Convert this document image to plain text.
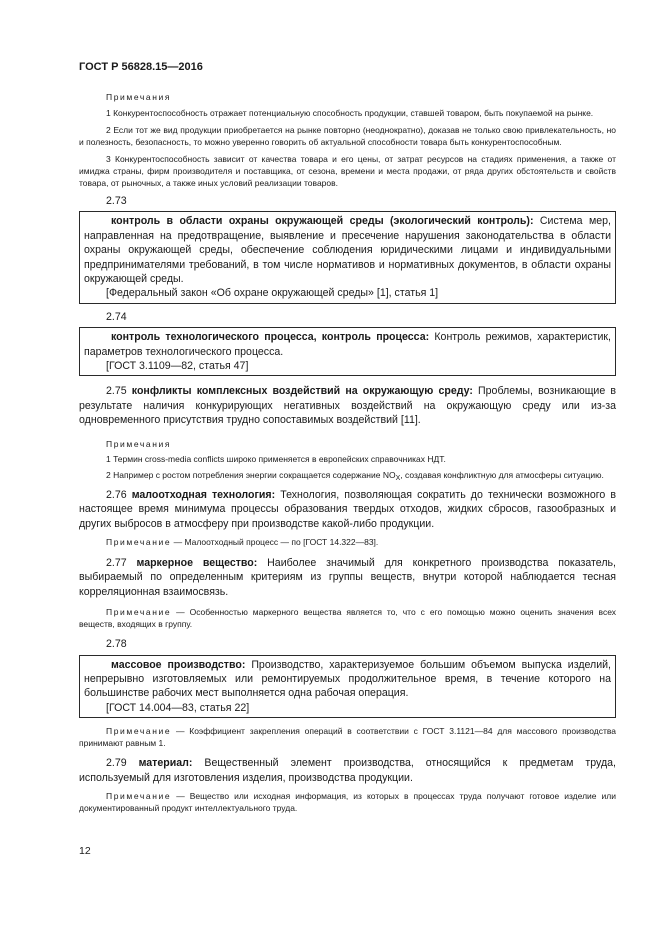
ГОСТ Р 56828.15—2016

Примечания

1 Конкурентоспособность отражает потенциальную способность продукции, ставшей товаром, быть покупаемой на рынке.

2 Если тот же вид продукции приобретается на рынке повторно (неоднократно), доказав не только свою привлекательность, но и полезность, безопасность, то можно уверенно говорить об актуальной способности товара быть конкурентоспособным.

3 Конкурентоспособность зависит от качества товара и его цены, от затрат ресурсов на стадиях применения, а также от имиджа страны, фирм производителя и поставщика, от сезона, времени и места продажи, от ряда других обстоятельств и свойств товара, от рыночных, а также иных условий реализации товаров.

2.73

контроль в области охраны окружающей среды (экологический контроль): Система мер, направленная на предотвращение, выявление и пресечение нарушения законодательства в области охраны окружающей среды, обеспечение соблюдения юридическими лицами и индивидуальными предпринимателями требований, в том числе нормативов и нормативных документов, в области охраны окружающей среды.

[Федеральный закон «Об охране окружающей среды» [1], статья 1]

2.74

контроль технологического процесса, контроль процесса: Контроль режимов, характеристик, параметров технологического процесса.

[ГОСТ 3.1109—82, статья 47]

2.75 конфликты комплексных воздействий на окружающую среду: Проблемы, возникающие в результате наличия конкурирующих негативных воздействий на окружающую среду или из-за одновременного присутствия трудно сопоставимых воздействий [11].

Примечания

1 Термин cross-media conflicts широко применяется в европейских справочниках НДТ.

2 Например с ростом потребления энергии сокращается содержание $NO_X$, создавая конфликтную для атмосферы ситуацию.

2.76 малоотходная технология: Технология, позволяющая сократить до технически возможного в настоящее время минимума процессы образования твердых отходов, жидких сбросов, газообразных и других выбросов в атмосферу при производстве какой-либо продукции.

Примечание — Малоотходный процесс — по [ГОСТ 14.322—83].

2.77 маркерное вещество: Наиболее значимый для конкретного производства показатель, выбираемый по определенным критериям из группы веществ, внутри которой наблюдается тесная корреляционная взаимосвязь.

Примечание — Особенностью маркерного вещества является то, что с его помощью можно оценить значения всех веществ, входящих в группу.

2.78

массовое производство: Производство, характеризуемое большим объемом выпуска изделий, непрерывно изготовляемых или ремонтируемых продолжительное время, в течение которого на большинстве рабочих мест выполняется одна рабочая операция.

[ГОСТ 14.004—83, статья 22]

Примечание — Коэффициент закрепления операций в соответствии с ГОСТ 3.1121—84 для массового производства принимают равным 1.

2.79 материал: Вещественный элемент производства, относящийся к предметам труда, используемый для изготовления изделия, производства продукции.

Примечание — Вещество или исходная информация, из которых в процессах труда получают готовое изделие или документированный продукт интеллектуального труда.

12
